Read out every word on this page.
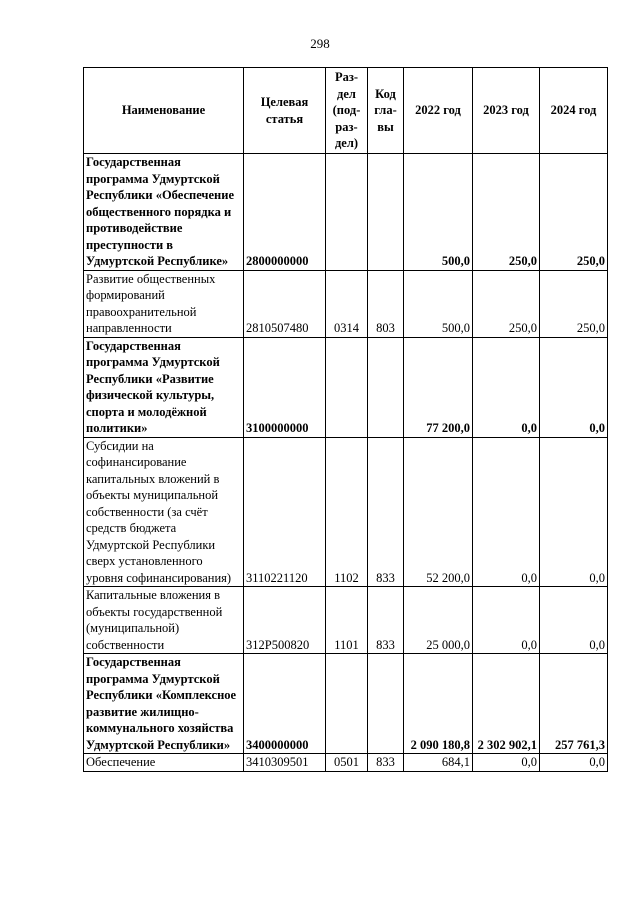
298
Наименование	Целевая статья	Раз-дел (под-раз-дел)	Код гла-вы	2022 год	2023 год	2024 год
Государственная программа Удмуртской Республики «Обеспечение общественного порядка и противодействие преступности в Удмуртской Республике»	2800000000			500,0	250,0	250,0
Развитие общественных формирований правоохранительной направленности	2810507480	0314	803	500,0	250,0	250,0
Государственная программа Удмуртской Республики «Развитие физической культуры, спорта и молодёжной политики»	3100000000			77 200,0	0,0	0,0
Субсидии на софинансирование капитальных вложений в объекты муниципальной собственности (за счёт средств бюджета Удмуртской Республики сверх установленного уровня софинансирования)	3110221120	1102	833	52 200,0	0,0	0,0
Капитальные вложения в объекты государственной (муниципальной) собственности	312P500820	1101	833	25 000,0	0,0	0,0
Государственная программа Удмуртской Республики «Комплексное развитие жилищно-коммунального хозяйства Удмуртской Республики»	3400000000			2 090 180,8	2 302 902,1	257 761,3
Обеспечение	3410309501	0501	833	684,1	0,0	0,0
